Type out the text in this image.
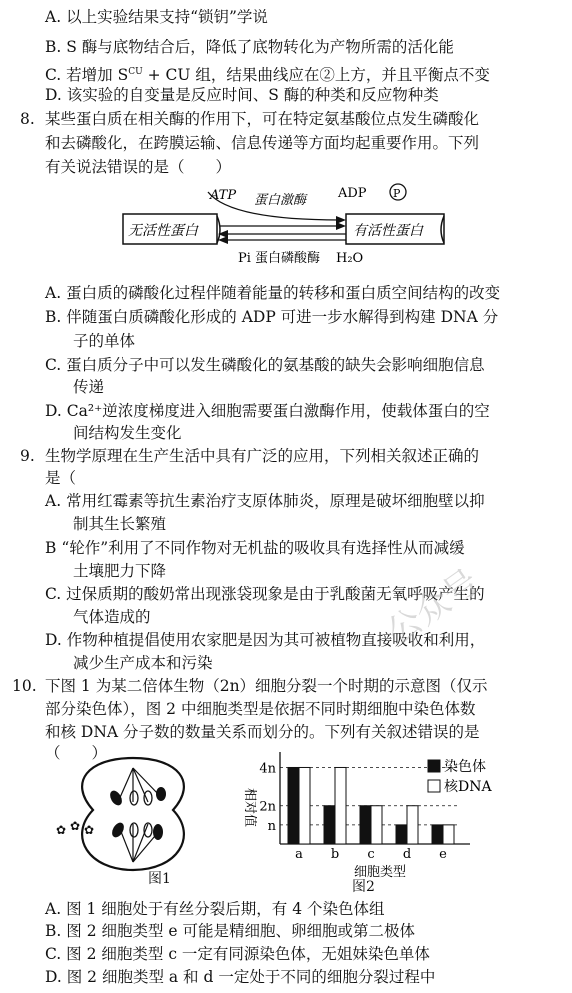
A. 以上实验结果支持“锁钥”学说
B. S 酶与底物结合后，降低了底物转化为产物所需的活化能
C. 若增加 $S^{CU}$ + CU 组，结果曲线应在②上方，并且平衡点不变
D. 该实验的自变量是反应时间、S 酶的种类和反应物种类
8. 某些蛋白质在相关酶的作用下，可在特定氨基酸位点发生磷酸化
和去磷酸化，在跨膜运输、信息传递等方面均起重要作用。下列
有关说法错误的是（　　）
无活性蛋白	有活性蛋白
ATP 蛋白激酶 ADP P
Pi 蛋白磷酸酶 H₂O
A. 蛋白质的磷酸化过程伴随着能量的转移和蛋白质空间结构的改变
B. 伴随蛋白质磷酸化形成的 ADP 可进一步水解得到构建 DNA 分
子的单体
C. 蛋白质分子中可以发生磷酸化的氨基酸的缺失会影响细胞信息
传递
D. Ca²⁺逆浓度梯度进入细胞需要蛋白激酶作用，使载体蛋白的空
间结构发生变化
9. 生物学原理在生产生活中具有广泛的应用，下列相关叙述正确的
是（
A. 常用红霉素等抗生素治疗支原体肺炎，原理是破坏细胞壁以抑
制其生长繁殖
B “轮作”利用了不同作物对无机盐的吸收具有选择性从而减缓
土壤肥力下降
C. 过保质期的酸奶常出现涨袋现象是由于乳酸菌无氧呼吸产生的
气体造成的
D. 作物种植提倡使用农家肥是因为其可被植物直接吸收和利用，
减少生产成本和污染
10. 下图 1 为某二倍体生物（2n）细胞分裂一个时期的示意图（仅示
部分染色体），图 2 中细胞类型是依据不同时期细胞中染色体数
和核 DNA 分子数的数量关系而划分的。下列有关叙述错误的是
（　　）
✿ ✿ ✿
图1
n
2n
4n
相对值
a b c d e
细胞类型
染色体
核DNA
图2
A. 图 1 细胞处于有丝分裂后期，有 4 个染色体组
B. 图 2 细胞类型 e 可能是精细胞、卵细胞或第二极体
C. 图 2 细胞类型 c 一定有同源染色体，无姐妹染色单体
D. 图 2 细胞类型 a 和 d 一定处于不同的细胞分裂过程中
公众号
